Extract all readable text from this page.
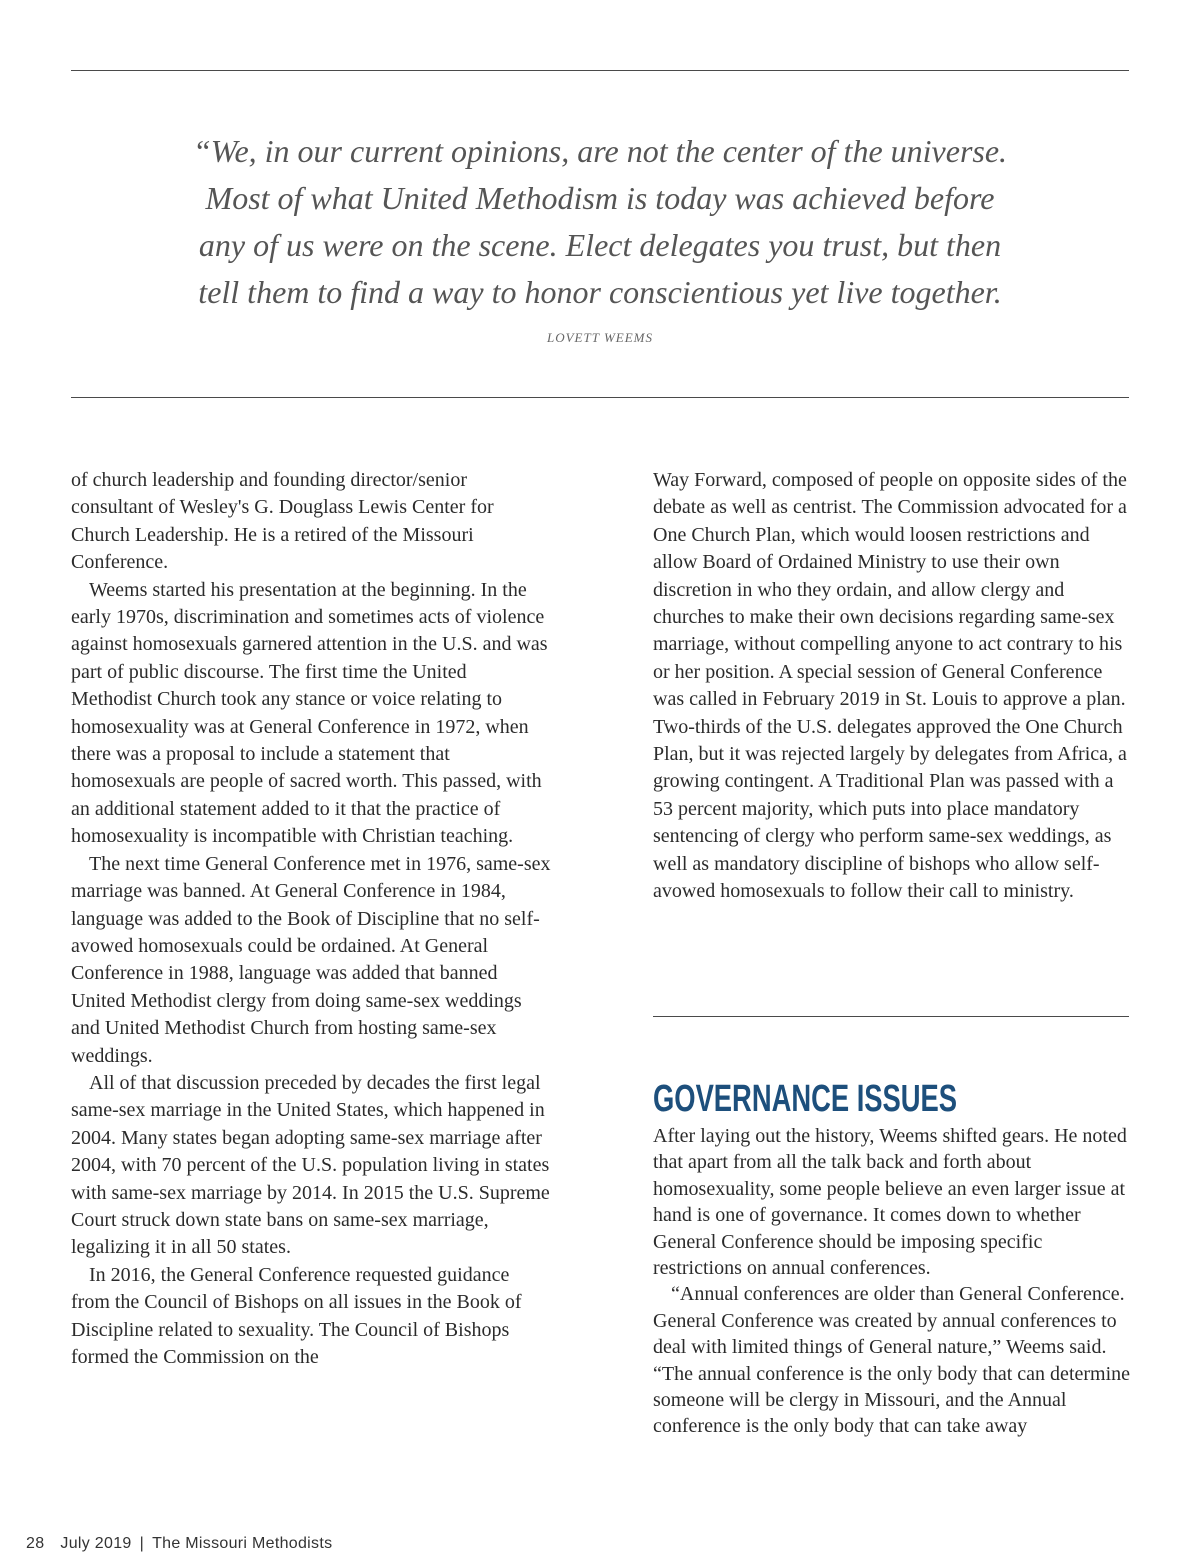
“We, in our current opinions, are not the center of the universe.

Most of what United Methodism is today was achieved before

any of us were on the scene. Elect delegates you trust, but then

tell them to find a way to honor conscientious yet live together.

LOVETT WEEMS

of church leadership and founding director/senior consultant of Wesley's G. Douglass Lewis Center for Church Leadership. He is a retired of the Missouri Conference.

Weems started his presentation at the beginning. In the early 1970s, discrimination and sometimes acts of violence against homosexuals garnered attention in the U.S. and was part of public discourse. The first time the United Methodist Church took any stance or voice relating to homosexuality was at General Conference in 1972, when there was a proposal to include a statement that homosexuals are people of sacred worth. This passed, with an additional statement added to it that the practice of homosexuality is incompatible with Christian teaching.

The next time General Conference met in 1976, same-sex marriage was banned. At General Conference in 1984, language was added to the Book of Discipline that no self-avowed homosexuals could be ordained. At General Conference in 1988, language was added that banned United Methodist clergy from doing same-sex weddings and United Methodist Church from hosting same-sex weddings.

All of that discussion preceded by decades the first legal same-sex marriage in the United States, which happened in 2004. Many states began adopting same-sex marriage after 2004, with 70 percent of the U.S. population living in states with same-sex marriage by 2014. In 2015 the U.S. Supreme Court struck down state bans on same-sex marriage, legalizing it in all 50 states.

In 2016, the General Conference requested guidance from the Council of Bishops on all issues in the Book of Discipline related to sexuality. The Council of Bishops formed the Commission on the

Way Forward, composed of people on opposite sides of the debate as well as centrist. The Commission advocated for a One Church Plan, which would loosen restrictions and allow Board of Ordained Ministry to use their own discretion in who they ordain, and allow clergy and churches to make their own decisions regarding same-sex marriage, without compelling anyone to act contrary to his or her position. A special session of General Conference was called in February 2019 in St. Louis to approve a plan. Two-thirds of the U.S. delegates approved the One Church Plan, but it was rejected largely by delegates from Africa, a growing contingent. A Traditional Plan was passed with a 53 percent majority, which puts into place mandatory sentencing of clergy who perform same-sex weddings, as well as mandatory discipline of bishops who allow self-avowed homosexuals to follow their call to ministry.

GOVERNANCE ISSUES

After laying out the history, Weems shifted gears. He noted that apart from all the talk back and forth about homosexuality, some people believe an even larger issue at hand is one of governance. It comes down to whether General Conference should be imposing specific restrictions on annual conferences.

“Annual conferences are older than General Conference. General Conference was created by annual conferences to deal with limited things of General nature,” Weems said. “The annual conference is the only body that can determine someone will be clergy in Missouri, and the Annual conference is the only body that can take away

28 July 2019 | The Missouri Methodists
